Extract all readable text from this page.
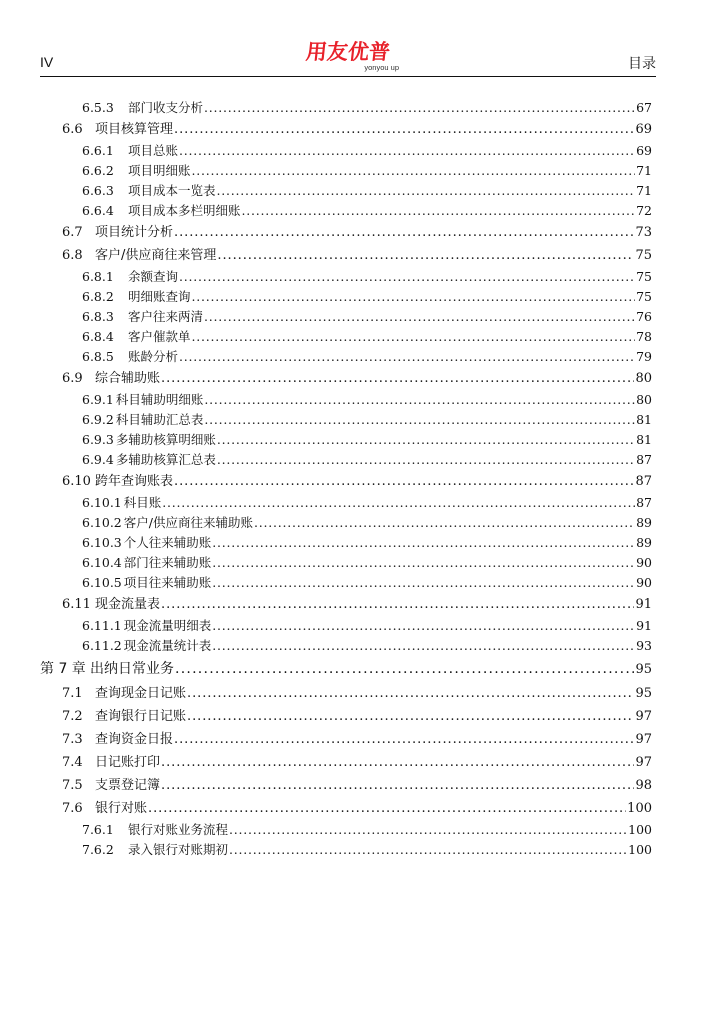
IV	用友优普
yonyou up	目录
6.5.3	部门收支分析 . . .	67
6.6 项目核算管理 . . .	69
6.6.1	项目总账 . . .	69
6.6.2	项目明细账 . . .	71
6.6.3	项目成本一览表 . . .	71
6.6.4	项目成本多栏明细账 . . .	72
6.7 项目统计分析 . . .	73
6.8 客户/供应商往来管理 . . .	75
6.8.1	余额查询 . . .	75
6.8.2	明细账查询 . . .	75
6.8.3	客户往来两清 . . .	76
6.8.4	客户催款单 . . .	78
6.8.5	账龄分析 . . .	79
6.9 综合辅助账 . . .	80
6.9.1 科目辅助明细账 . . .	80
6.9.2 科目辅助汇总表 . . .	81
6.9.3 多辅助核算明细账 . . .	81
6.9.4 多辅助核算汇总表 . . .	87
6.10 跨年查询账表 . . .	87
6.10.1 科目账 . . .	87
6.10.2 客户/供应商往来辅助账 . . .	89
6.10.3 个人往来辅助账 . . .	89
6.10.4 部门往来辅助账 . . .	90
6.10.5 项目往来辅助账 . . .	90
6.11 现金流量表 . . .	91
6.11.1 现金流量明细表 . . .	91
6.11.2 现金流量统计表 . . .	93
第 7 章 出纳日常业务 . . .	95
7.1 查询现金日记账 . . .	95
7.2 查询银行日记账 . . .	97
7.3 查询资金日报 . . .	97
7.4 日记账打印 . . .	97
7.5 支票登记簿 . . .	98
7.6 银行对账 . . .	100
7.6.1	银行对账业务流程 . . .	100
7.6.2	录入银行对账期初 . . .	100
